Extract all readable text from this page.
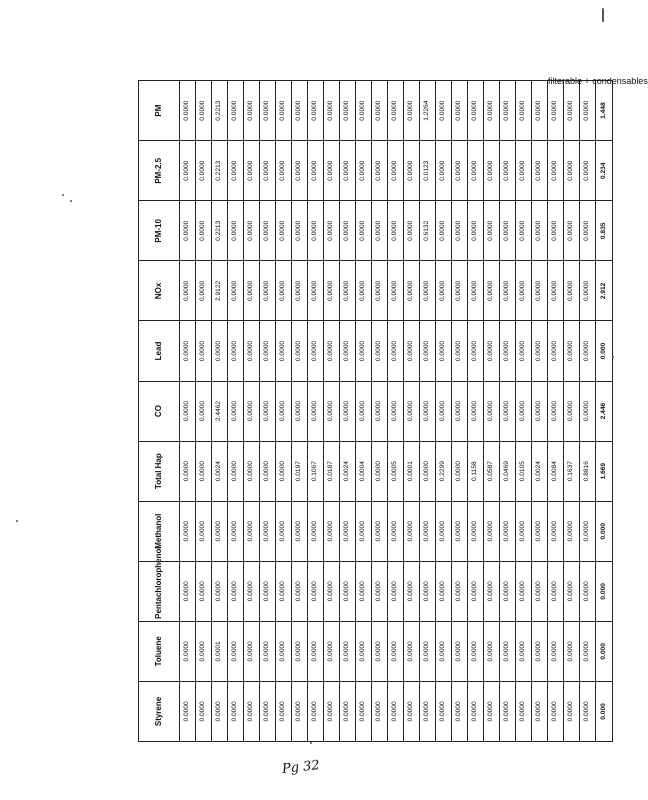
Styrene	Toluene	Pentachlorophenol	Methanol	Total Hap	CO	Lead	NOx	PM-10	PM-2.5	PM
0.0000	0.0000	0.0000	0.0000	0.0000	0.0000	0.0000	0.0000	0.0000	0.0000	0.0000
0.0000	0.0000	0.0000	0.0000	0.0000	0.0000	0.0000	0.0000	0.0000	0.0000	0.0000
0.0000	0.0001	0.0000	0.0000	0.0024	2.4462	0.0000	2.9122	0.2213	0.2213	0.2213
0.0000	0.0000	0.0000	0.0000	0.0000	0.0000	0.0000	0.0000	0.0000	0.0000	0.0000
0.0000	0.0000	0.0000	0.0000	0.0000	0.0000	0.0000	0.0000	0.0000	0.0000	0.0000
0.0000	0.0000	0.0000	0.0000	0.0000	0.0000	0.0000	0.0000	0.0000	0.0000	0.0000
0.0000	0.0000	0.0000	0.0000	0.0000	0.0000	0.0000	0.0000	0.0000	0.0000	0.0000
0.0000	0.0000	0.0000	0.0000	0.0197	0.0000	0.0000	0.0000	0.0000	0.0000	0.0000
0.0000	0.0000	0.0000	0.0000	0.1067	0.0000	0.0000	0.0000	0.0000	0.0000	0.0000
0.0000	0.0000	0.0000	0.0000	0.0187	0.0000	0.0000	0.0000	0.0000	0.0000	0.0000
0.0000	0.0000	0.0000	0.0000	0.0024	0.0000	0.0000	0.0000	0.0000	0.0000	0.0000
0.0000	0.0000	0.0000	0.0000	0.0004	0.0000	0.0000	0.0000	0.0000	0.0000	0.0000
0.0000	0.0000	0.0000	0.0000	0.0000	0.0000	0.0000	0.0000	0.0000	0.0000	0.0000
0.0000	0.0000	0.0000	0.0000	0.0005	0.0000	0.0000	0.0000	0.0000	0.0000	0.0000
0.0000	0.0000	0.0000	0.0000	0.0001	0.0000	0.0000	0.0000	0.0000	0.0000	0.0000
0.0000	0.0000	0.0000	0.0000	0.0000	0.0000	0.0000	0.0000	0.6132	0.0123	1.2264
0.0000	0.0000	0.0000	0.0000	0.2299	0.0000	0.0000	0.0000	0.0000	0.0000	0.0000
0.0000	0.0000	0.0000	0.0000	0.0000	0.0000	0.0000	0.0000	0.0000	0.0000	0.0000
0.0000	0.0000	0.0000	0.0000	0.1158	0.0000	0.0000	0.0000	0.0000	0.0000	0.0000
0.0000	0.0000	0.0000	0.0000	0.0587	0.0000	0.0000	0.0000	0.0000	0.0000	0.0000
0.0000	0.0000	0.0000	0.0000	0.0469	0.0000	0.0000	0.0000	0.0000	0.0000	0.0000
0.0000	0.0000	0.0000	0.0000	0.0105	0.0000	0.0000	0.0000	0.0000	0.0000	0.0000
0.0000	0.0000	0.0000	0.0000	0.0024	0.0000	0.0000	0.0000	0.0000	0.0000	0.0000
0.0000	0.0000	0.0000	0.0000	0.0084	0.0000	0.0000	0.0000	0.0000	0.0000	0.0000
0.0000	0.0000	0.0000	0.0000	0.1637	0.0000	0.0000	0.0000	0.0000	0.0000	0.0000
0.0000	0.0000	0.0000	0.0000	0.8816	0.0000	0.0000	0.0000	0.0000	0.0000	0.0000
0.000	0.000	0.000	0.000	1.669	2.446	0.000	2.912	0.835	0.234	1.448
filterable + condensables
Pg 32
